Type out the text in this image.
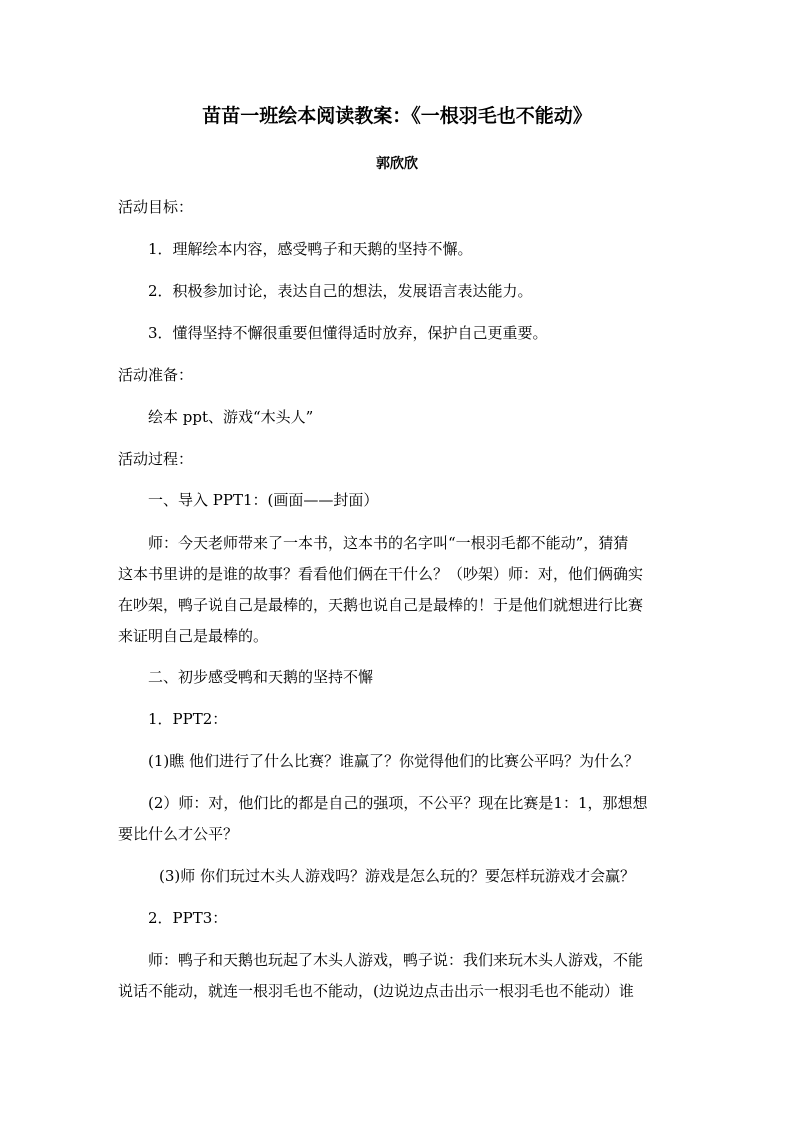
苗苗一班绘本阅读教案：《一根羽毛也不能动》
郭欣欣
活动目标：
1．理解绘本内容，感受鸭子和天鹅的坚持不懈。
2．积极参加讨论，表达自己的想法，发展语言表达能力。
3．懂得坚持不懈很重要但懂得适时放弃，保护自己更重要。
活动准备：
绘本 ppt、游戏“木头人”
活动过程：
一、导入 PPT1：(画面——封面）
师：今天老师带来了一本书，这本书的名字叫“一根羽毛都不能动”，猜猜
这本书里讲的是谁的故事？看看他们俩在干什么？（吵架）师：对，他们俩确实
在吵架，鸭子说自己是最棒的，天鹅也说自己是最棒的！于是他们就想进行比赛
来证明自己是最棒的。
二、初步感受鸭和天鹅的坚持不懈
1．PPT2：
(1)瞧 他们进行了什么比赛？谁赢了？你觉得他们的比赛公平吗？为什么？
(2）师：对，他们比的都是自己的强项，不公平？现在比赛是1：1，那想想
要比什么才公平？
(3)师 你们玩过木头人游戏吗？游戏是怎么玩的？要怎样玩游戏才会赢？
2．PPT3：
师：鸭子和天鹅也玩起了木头人游戏，鸭子说：我们来玩木头人游戏，不能
说话不能动，就连一根羽毛也不能动，(边说边点击出示一根羽毛也不能动）谁
